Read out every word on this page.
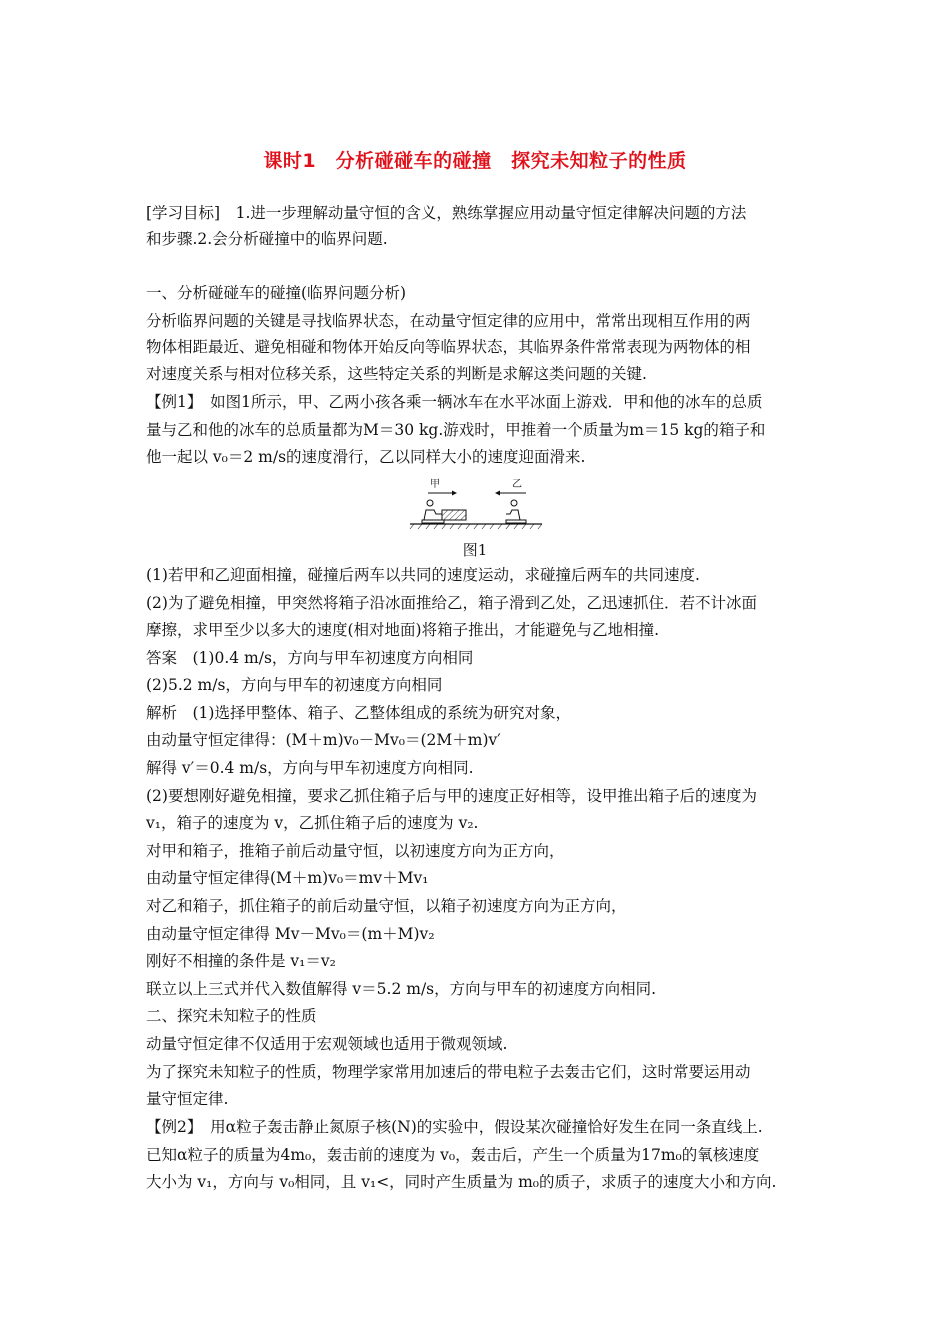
课时1　分析碰碰车的碰撞　探究未知粒子的性质
[学习目标]　1.进一步理解动量守恒的含义，熟练掌握应用动量守恒定律解决问题的方法
和步骤.2.会分析碰撞中的临界问题.
一、分析碰碰车的碰撞(临界问题分析)
分析临界问题的关键是寻找临界状态，在动量守恒定律的应用中，常常出现相互作用的两
物体相距最近、避免相碰和物体开始反向等临界状态，其临界条件常常表现为两物体的相
对速度关系与相对位移关系，这些特定关系的判断是求解这类问题的关键.
【例1】　如图1所示，甲、乙两小孩各乘一辆冰车在水平冰面上游戏．甲和他的冰车的总质
量与乙和他的冰车的总质量都为M＝30 kg.游戏时，甲推着一个质量为m＝15 kg的箱子和
他一起以 v₀＝2 m/s的速度滑行，乙以同样大小的速度迎面滑来.
甲	乙
图1
(1)若甲和乙迎面相撞，碰撞后两车以共同的速度运动，求碰撞后两车的共同速度.
(2)为了避免相撞，甲突然将箱子沿冰面推给乙，箱子滑到乙处，乙迅速抓住．若不计冰面
摩擦，求甲至少以多大的速度(相对地面)将箱子推出，才能避免与乙地相撞.
答案　(1)0.4 m/s，方向与甲车初速度方向相同
(2)5.2 m/s，方向与甲车的初速度方向相同
解析　(1)选择甲整体、箱子、乙整体组成的系统为研究对象，
由动量守恒定律得：(M＋m)v₀－Mv₀＝(2M＋m)v′
解得 v′＝0.4 m/s，方向与甲车初速度方向相同.
(2)要想刚好避免相撞，要求乙抓住箱子后与甲的速度正好相等，设甲推出箱子后的速度为
v₁，箱子的速度为 v，乙抓住箱子后的速度为 v₂.
对甲和箱子，推箱子前后动量守恒，以初速度方向为正方向，
由动量守恒定律得(M＋m)v₀＝mv＋Mv₁
对乙和箱子，抓住箱子的前后动量守恒，以箱子初速度方向为正方向，
由动量守恒定律得 Mv－Mv₀＝(m＋M)v₂
刚好不相撞的条件是 v₁＝v₂
联立以上三式并代入数值解得 v＝5.2 m/s，方向与甲车的初速度方向相同.
二、探究未知粒子的性质
动量守恒定律不仅适用于宏观领域也适用于微观领域.
为了探究未知粒子的性质，物理学家常用加速后的带电粒子去轰击它们，这时常要运用动
量守恒定律.
【例2】　用α粒子轰击静止氮原子核(N)的实验中，假设某次碰撞恰好发生在同一条直线上.
已知α粒子的质量为4m₀，轰击前的速度为 v₀，轰击后，产生一个质量为17m₀的氧核速度
大小为 v₁，方向与 v₀相同，且 v₁<，同时产生质量为 m₀的质子，求质子的速度大小和方向.
